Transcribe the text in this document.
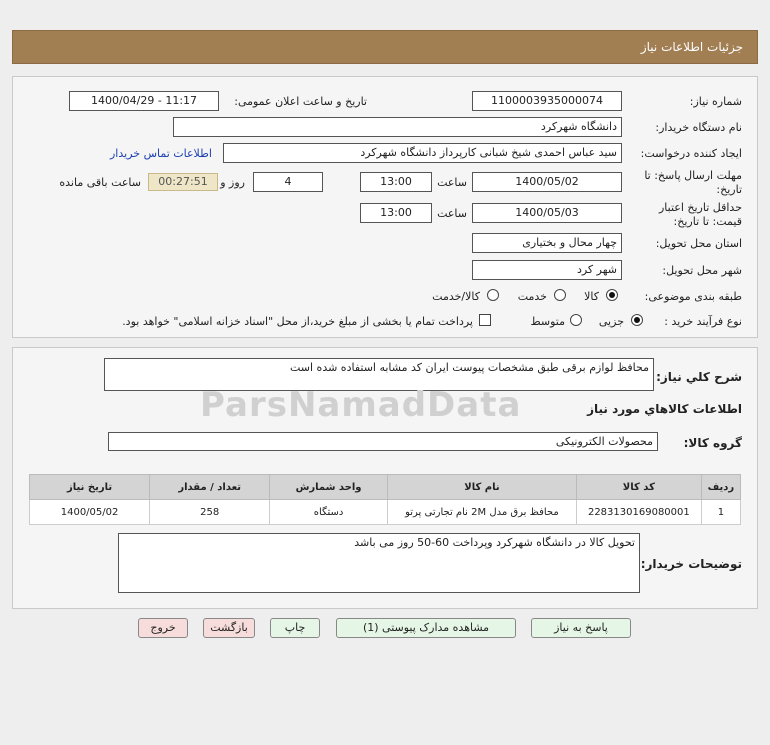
جزئیات اطلاعات نیاز
شماره نیاز:
1100003935000074
تاریخ و ساعت اعلان عمومی:
1400/04/29 - 11:17
نام دستگاه خریدار:
دانشگاه شهرکرد
ایجاد کننده درخواست:
سید عباس احمدی شیخ شبانی کارپرداز دانشگاه شهرکرد
اطلاعات تماس خریدار
مهلت ارسال پاسخ: تا
تاریخ:
1400/05/02
ساعت
13:00
4
روز و
00:27:51
ساعت باقی مانده
حداقل تاریخ اعتبار
قیمت: تا تاریخ:
1400/05/03
ساعت
13:00
استان محل تحویل:
چهار محال و بختیاری
شهر محل تحویل:
شهر کرد
طبقه بندی موضوعی:
کالا
خدمت
کالا/خدمت
نوع فرآیند خرید :
جزیی
متوسط
پرداخت تمام یا بخشی از مبلغ خرید،از محل "اسناد خزانه اسلامی" خواهد بود.
شرح کلي نياز:
محافظ لوازم برقی طبق مشخصات پیوست ایران کد مشابه استفاده شده است
ParsNamadData	اطلاعات کالاهاي مورد نياز
گروه کالا:
محصولات الکترونیکی
ردیف	کد کالا	نام کالا	واحد شمارش	تعداد / مقدار	تاریخ نیاز
1	2283130169080001	محافظ برق مدل 2M نام تجارتی پرتو	دستگاه	258	1400/05/02
توضیحات خریدار:
تحویل کالا در دانشگاه شهرکرد وپرداخت 60-50 روز می باشد
پاسخ به نیاز
مشاهده مدارک پیوستی (1)
چاپ
بازگشت
خروج
